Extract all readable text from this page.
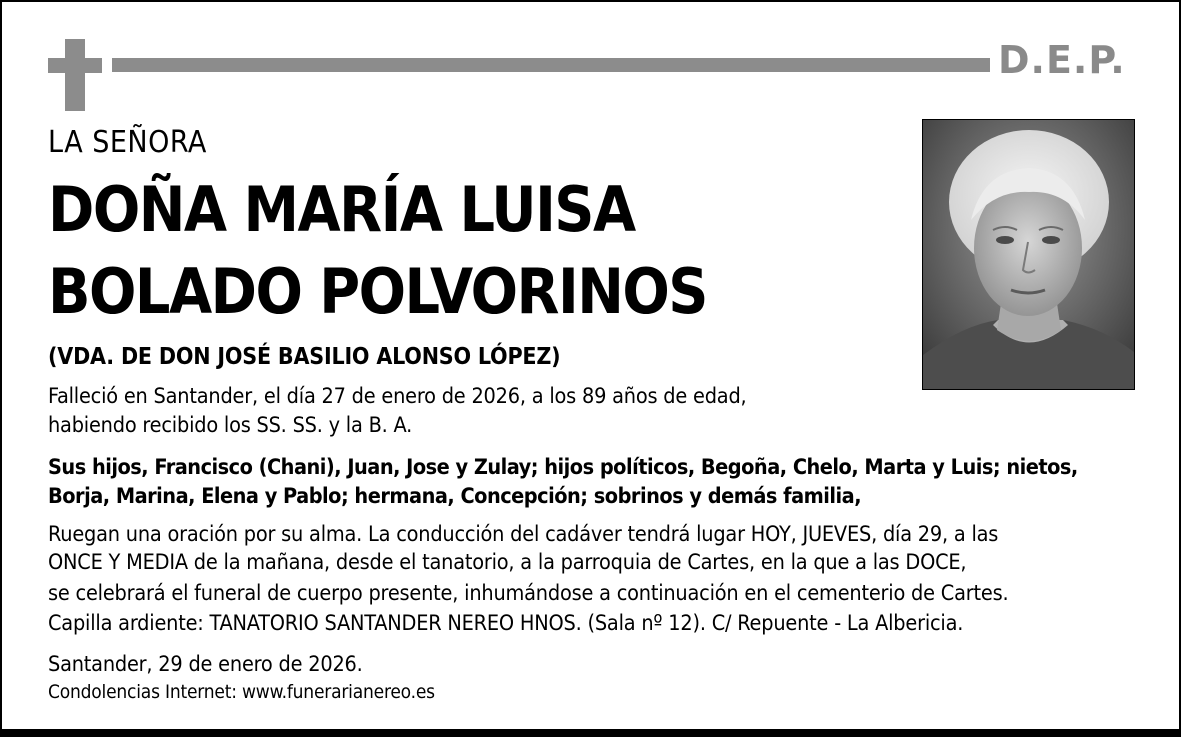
D.E.P.
LA SEÑORA
DOÑA MARÍA LUISA
BOLADO POLVORINOS
(VDA. DE DON JOSÉ BASILIO ALONSO LÓPEZ)
Falleció en Santander, el día 27 de enero de 2026, a los 89 años de edad,
habiendo recibido los SS. SS. y la B. A.
Sus hijos, Francisco (Chani), Juan, Jose y Zulay; hijos políticos, Begoña, Chelo, Marta y Luis; nietos,
Borja, Marina, Elena y Pablo; hermana, Concepción; sobrinos y demás familia,
Ruegan una oración por su alma. La conducción del cadáver tendrá lugar HOY, JUEVES, día 29, a las
ONCE Y MEDIA de la mañana, desde el tanatorio, a la parroquia de Cartes, en la que a las DOCE,
se celebrará el funeral de cuerpo presente, inhumándose a continuación en el cementerio de Cartes.
Capilla ardiente: TANATORIO SANTANDER NEREO HNOS. (Sala nº 12). C/ Repuente - La Albericia.
Santander, 29 de enero de 2026.
Condolencias Internet: www.funerarianereo.es
